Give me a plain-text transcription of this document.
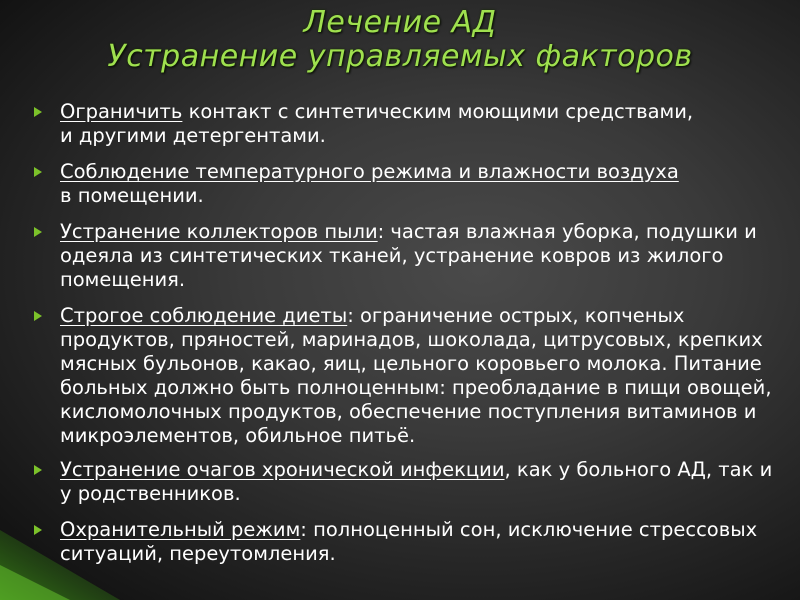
Лечение АД
Устранение управляемых факторов
Ограничить контакт с синтетическим моющими средствами,
и другими детергентами.
Соблюдение температурного режима и влажности воздуха
в помещении.
Устранение коллекторов пыли: частая влажная уборка, подушки и одеяла из синтетических тканей, устранение ковров из жилого помещения.
Строгое соблюдение диеты: ограничение острых, копченых продуктов, пряностей, маринадов, шоколада, цитрусовых, крепких мясных бульонов, какао, яиц, цельного коровьего молока. Питание больных должно быть полноценным: преобладание в пищи овощей, кисломолочных продуктов, обеспечение поступления витаминов и микроэлементов, обильное питьё.
Устранение очагов хронической инфекции, как у больного АД, так и у родственников.
Охранительный режим: полноценный сон, исключение стрессовых ситуаций, переутомления.
